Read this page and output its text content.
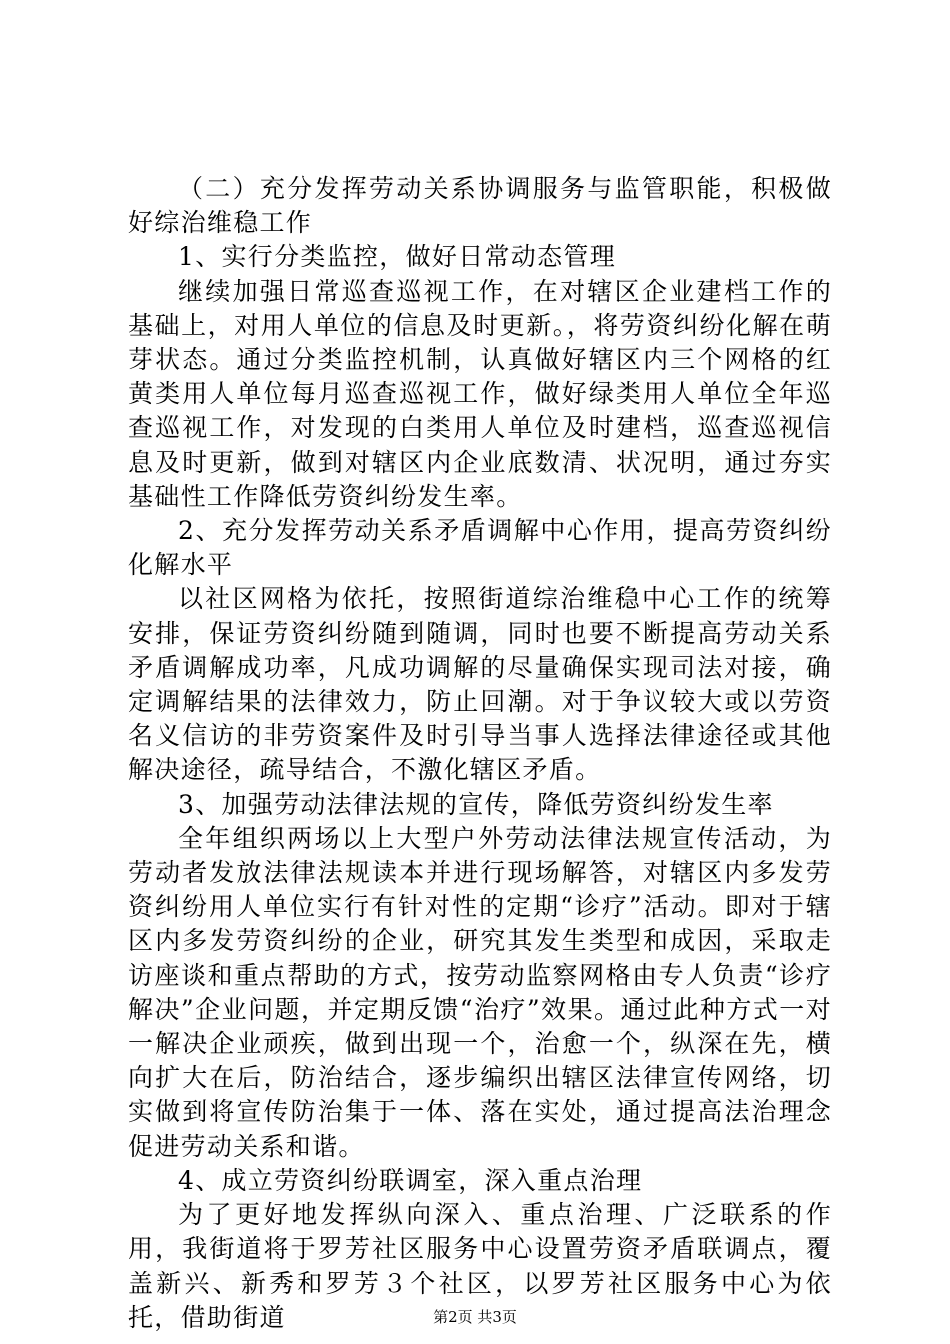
（二）充分发挥劳动关系协调服务与监管职能，积极做好综治维稳工作

1、实行分类监控，做好日常动态管理

继续加强日常巡查巡视工作，在对辖区企业建档工作的基础上，对用人单位的信息及时更新。，将劳资纠纷化解在萌芽状态。通过分类监控机制，认真做好辖区内三个网格的红黄类用人单位每月巡查巡视工作，做好绿类用人单位全年巡查巡视工作，对发现的白类用人单位及时建档，巡查巡视信息及时更新，做到对辖区内企业底数清、状况明，通过夯实基础性工作降低劳资纠纷发生率。

2、充分发挥劳动关系矛盾调解中心作用，提高劳资纠纷化解水平

以社区网格为依托，按照街道综治维稳中心工作的统筹安排，保证劳资纠纷随到随调，同时也要不断提高劳动关系矛盾调解成功率，凡成功调解的尽量确保实现司法对接，确定调解结果的法律效力，防止回潮。对于争议较大或以劳资名义信访的非劳资案件及时引导当事人选择法律途径或其他解决途径，疏导结合，不激化辖区矛盾。

3、加强劳动法律法规的宣传，降低劳资纠纷发生率

全年组织两场以上大型户外劳动法律法规宣传活动，为劳动者发放法律法规读本并进行现场解答，对辖区内多发劳资纠纷用人单位实行有针对性的定期“诊疗”活动。即对于辖区内多发劳资纠纷的企业，研究其发生类型和成因，采取走访座谈和重点帮助的方式，按劳动监察网格由专人负责“诊疗解决”企业问题，并定期反馈“治疗”效果。通过此种方式一对一解决企业顽疾，做到出现一个，治愈一个，纵深在先，横向扩大在后，防治结合，逐步编织出辖区法律宣传网络，切实做到将宣传防治集于一体、落在实处，通过提高法治理念促进劳动关系和谐。

4、成立劳资纠纷联调室，深入重点治理

为了更好地发挥纵向深入、重点治理、广泛联系的作用，我街道将于罗芳社区服务中心设置劳资矛盾联调点，覆盖新兴、新秀和罗芳３个社区，以罗芳社区服务中心为依托，借助街道	第2页 共3页
